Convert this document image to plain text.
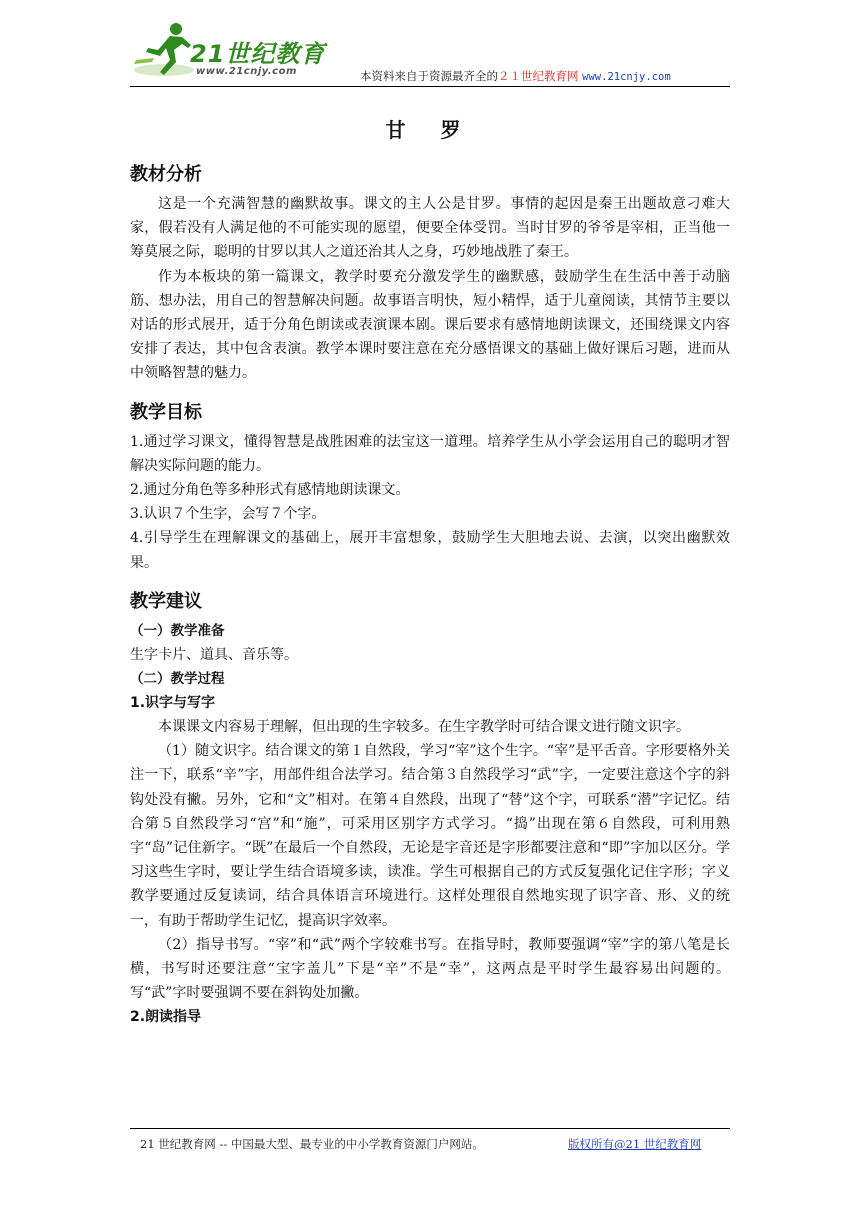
21世纪教育
www.21cnjy.com	本资料来自于资源最齐全的２１世纪教育网 www.21cnjy.com
甘 罗
教材分析

这是一个充满智慧的幽默故事。课文的主人公是甘罗。事情的起因是秦王出题故意刁难大家，假若没有人满足他的不可能实现的愿望，便要全体受罚。当时甘罗的爷爷是宰相，正当他一筹莫展之际，聪明的甘罗以其人之道还治其人之身，巧妙地战胜了秦王。

作为本板块的第一篇课文，教学时要充分激发学生的幽默感，鼓励学生在生活中善于动脑筋、想办法，用自己的智慧解决问题。故事语言明快，短小精悍，适于儿童阅读，其情节主要以对话的形式展开，适于分角色朗读或表演课本剧。课后要求有感情地朗读课文，还围绕课文内容安排了表达，其中包含表演。教学本课时要注意在充分感悟课文的基础上做好课后习题，进而从中领略智慧的魅力。

教学目标

1.通过学习课文，懂得智慧是战胜困难的法宝这一道理。培养学生从小学会运用自己的聪明才智解决实际问题的能力。

2.通过分角色等多种形式有感情地朗读课文。

3.认识７个生字，会写７个字。

4.引导学生在理解课文的基础上，展开丰富想象，鼓励学生大胆地去说、去演，以突出幽默效果。

教学建议
（一）教学准备

生字卡片、道具、音乐等。

（二）教学过程
1.识字与写字

本课课文内容易于理解，但出现的生字较多。在生字教学时可结合课文进行随文识字。

（1）随文识字。结合课文的第１自然段，学习“宰”这个生字。“宰”是平舌音。字形要格外关注一下，联系“辛”字，用部件组合法学习。结合第３自然段学习“武”字，一定要注意这个字的斜钩处没有撇。另外，它和“文”相对。在第４自然段，出现了“替”这个字，可联系“潜”字记忆。结合第５自然段学习“宫”和“施”，可采用区别字方式学习。“捣”出现在第６自然段，可利用熟字“岛”记住新字。“既”在最后一个自然段，无论是字音还是字形都要注意和“即”字加以区分。学习这些生字时，要让学生结合语境多读，读准。学生可根据自己的方式反复强化记住字形；字义教学要通过反复读词，结合具体语言环境进行。这样处理很自然地实现了识字音、形、义的统一，有助于帮助学生记忆，提高识字效率。

（2）指导书写。“宰”和“武”两个字较难书写。在指导时，教师要强调“宰”字的第八笔是长横，书写时还要注意“宝字盖儿”下是“辛”不是“幸”，这两点是平时学生最容易出问题的。写“武”字时要强调不要在斜钩处加撇。

2.朗读指导
21 世纪教育网 -- 中国最大型、最专业的中小学教育资源门户网站。	版权所有@21 世纪教育网
